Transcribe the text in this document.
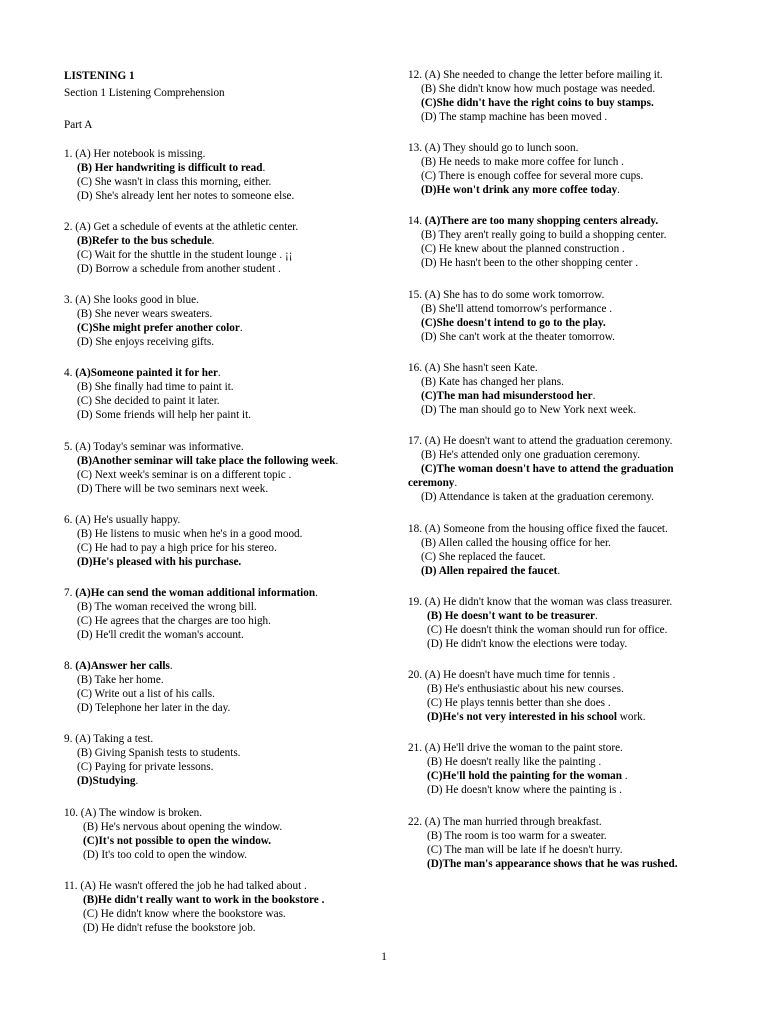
LISTENING 1
Section 1 Listening Comprehension
Part A
1. (A) Her notebook is missing.
(B) Her handwriting is difficult to read.
(C) She wasn't in class this morning, either.
(D) She's already lent her notes to someone else.
2. (A) Get a schedule of events at the athletic center.
(B)Refer to the bus schedule.
(C) Wait for the shuttle in the student lounge . ¡¡
(D) Borrow a schedule from another student .
3. (A) She looks good in blue.
(B) She never wears sweaters.
(C)She might prefer another color.
(D) She enjoys receiving gifts.
4. (A)Someone painted it for her.
(B) She finally had time to paint it.
(C) She decided to paint it later.
(D) Some friends will help her paint it.
5. (A) Today's seminar was informative.
(B)Another seminar will take place the following week.
(C) Next week's seminar is on a different topic .
(D) There will be two seminars next week.
6. (A) He's usually happy.
(B) He listens to music when he's in a good mood.
(C) He had to pay a high price for his stereo.
(D)He's pleased with his purchase.
7. (A)He can send the woman additional information.
(B) The woman received the wrong bill.
(C) He agrees that the charges are too high.
(D) He'll credit the woman's account.
8. (A)Answer her calls.
(B) Take her home.
(C) Write out a list of his calls.
(D) Telephone her later in the day.
9. (A) Taking a test.
(B) Giving Spanish tests to students.
(C) Paying for private lessons.
(D)Studying.
10. (A) The window is broken.
(B) He's nervous about opening the window.
(C)It's not possible to open the window.
(D) It's too cold to open the window.
11. (A) He wasn't offered the job he had talked about .
(B)He didn't really want to work in the bookstore .
(C) He didn't know where the bookstore was.
(D) He didn't refuse the bookstore job.
12. (A) She needed to change the letter before mailing it.
(B) She didn't know how much postage was needed.
(C)She didn't have the right coins to buy stamps.
(D) The stamp machine has been moved .
13. (A) They should go to lunch soon.
(B) He needs to make more coffee for lunch .
(C) There is enough coffee for several more cups.
(D)He won't drink any more coffee today.
14. (A)There are too many shopping centers already.
(B) They aren't really going to build a shopping center.
(C) He knew about the planned construction .
(D) He hasn't been to the other shopping center .
15. (A) She has to do some work tomorrow.
(B) She'll attend tomorrow's performance .
(C)She doesn't intend to go to the play.
(D) She can't work at the theater tomorrow.
16. (A) She hasn't seen Kate.
(B) Kate has changed her plans.
(C)The man had misunderstood her.
(D) The man should go to New York next week.
17. (A) He doesn't want to attend the graduation ceremony.
(B) He's attended only one graduation ceremony.
(C)The woman doesn't have to attend the graduation
ceremony.
(D) Attendance is taken at the graduation ceremony.
18. (A) Someone from the housing office fixed the faucet.
(B) Allen called the housing office for her.
(C) She replaced the faucet.
(D) Allen repaired the faucet.
19. (A) He didn't know that the woman was class treasurer.
(B) He doesn't want to be treasurer.
(C) He doesn't think the woman should run for office.
(D) He didn't know the elections were today.
20. (A) He doesn't have much time for tennis .
(B) He's enthusiastic about his new courses.
(C) He plays tennis better than she does .
(D)He's not very interested in his school work.
21. (A) He'll drive the woman to the paint store.
(B) He doesn't really like the painting .
(C)He'll hold the painting for the woman .
(D) He doesn't know where the painting is .
22. (A) The man hurried through breakfast.
(B) The room is too warm for a sweater.
(C) The man will be late if he doesn't hurry.
(D)The man's appearance shows that he was rushed.
1
